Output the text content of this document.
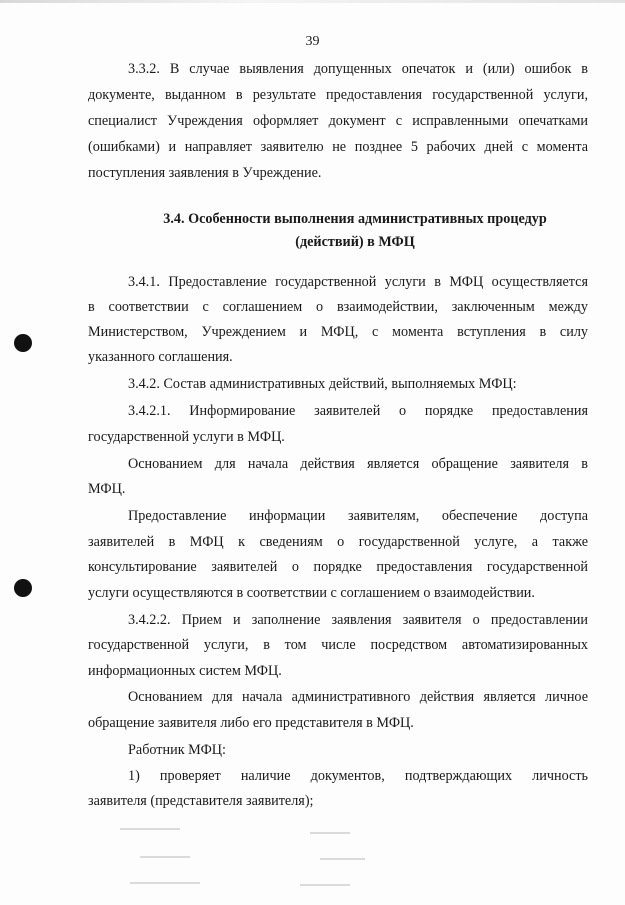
39
3.3.2. В случае выявления допущенных опечаток и (или) ошибок в
документе, выданном в результате предоставления государственной услуги,
специалист Учреждения оформляет документ с исправленными опечатками
(ошибками) и направляет заявителю не позднее 5 рабочих дней с момента
поступления заявления в Учреждение.
3.4. Особенности выполнения административных процедур
(действий) в МФЦ
3.4.1. Предоставление государственной услуги в МФЦ осуществляется
в соответствии с соглашением о взаимодействии, заключенным между
Министерством, Учреждением и МФЦ, с момента вступления в силу
указанного соглашения.
3.4.2. Состав административных действий, выполняемых МФЦ:
3.4.2.1. Информирование заявителей о порядке предоставления
государственной услуги в МФЦ.
Основанием для начала действия является обращение заявителя в
МФЦ.
Предоставление информации заявителям, обеспечение доступа
заявителей в МФЦ к сведениям о государственной услуге, а также
консультирование заявителей о порядке предоставления государственной
услуги осуществляются в соответствии с соглашением о взаимодействии.
3.4.2.2. Прием и заполнение заявления заявителя о предоставлении
государственной услуги, в том числе посредством автоматизированных
информационных систем МФЦ.
Основанием для начала административного действия является личное
обращение заявителя либо его представителя в МФЦ.
Работник МФЦ:
1) проверяет наличие документов, подтверждающих личность
заявителя (представителя заявителя);
